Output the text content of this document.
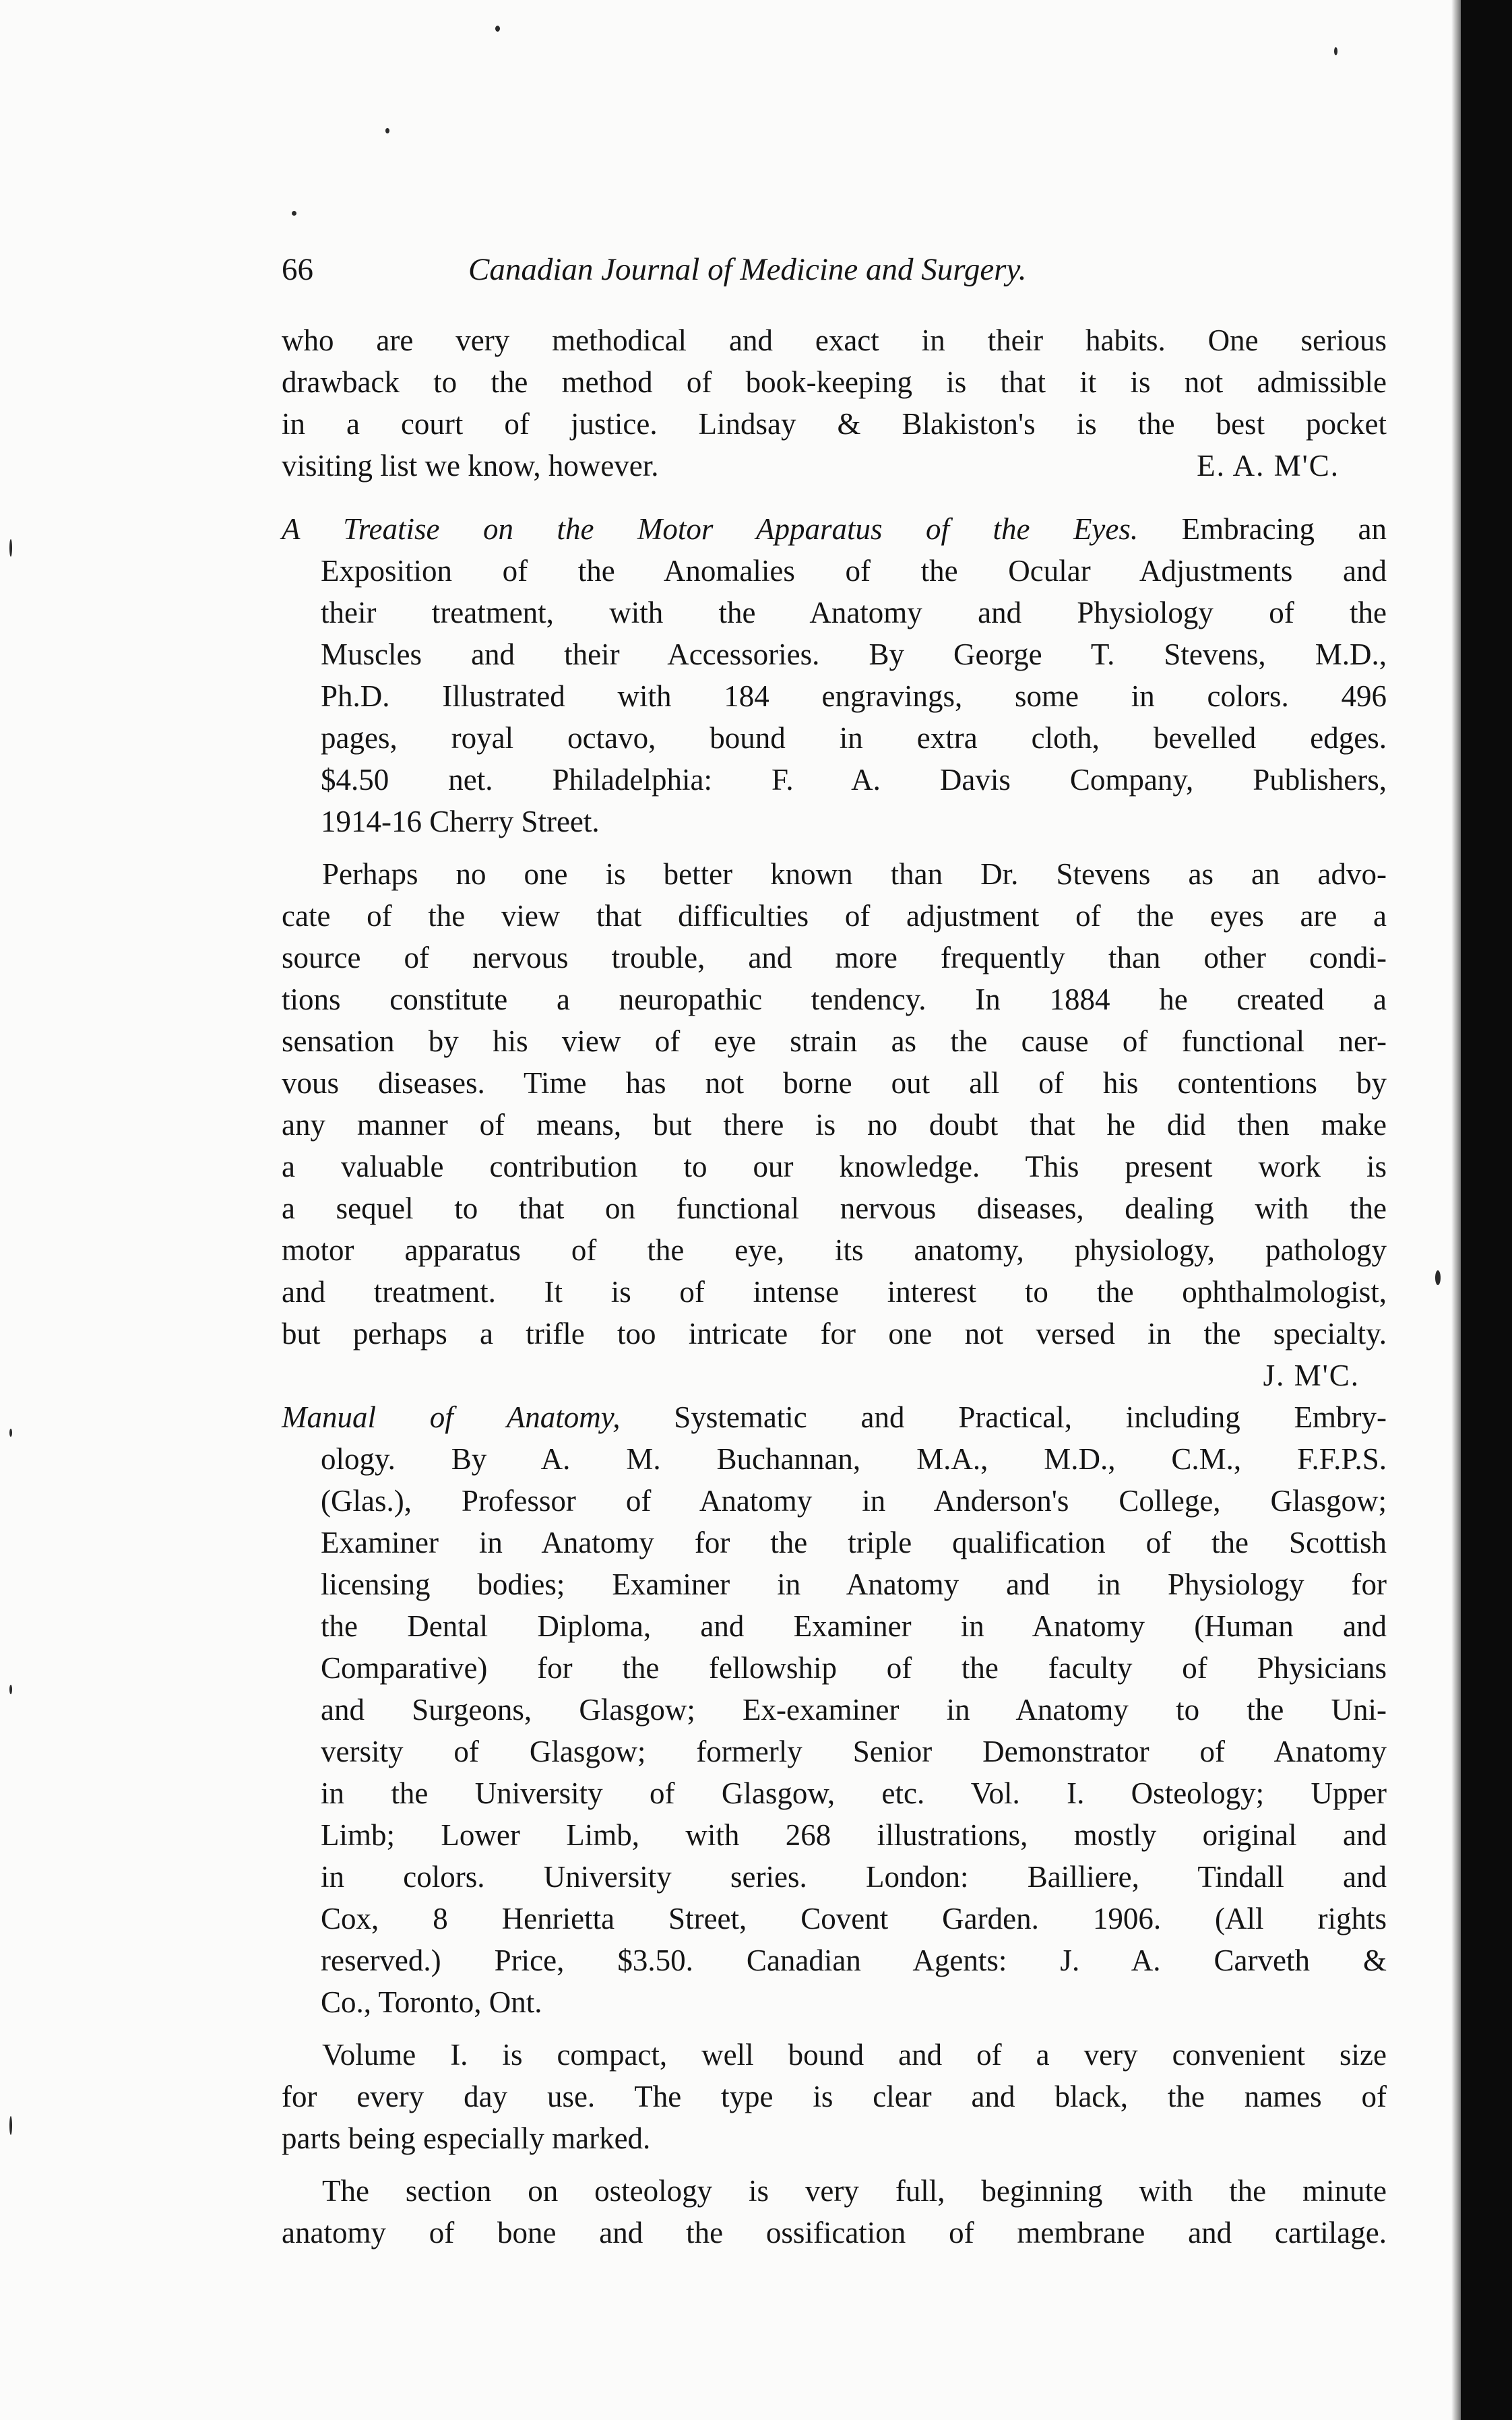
66	Canadian Journal of Medicine and Surgery.
who are very methodical and exact in their habits. One serious
drawback to the method of book-keeping is that it is not admissible
in a court of justice. Lindsay & Blakiston's is the best pocket
visiting list we know, however.	E. A. M'C.
A Treatise on the Motor Apparatus of the Eyes. Embracing an
Exposition of the Anomalies of the Ocular Adjustments and
their treatment, with the Anatomy and Physiology of the
Muscles and their Accessories. By George T. Stevens, M.D.,
Ph.D. Illustrated with 184 engravings, some in colors. 496
pages, royal octavo, bound in extra cloth, bevelled edges.
$4.50 net. Philadelphia: F. A. Davis Company, Publishers,
1914-16 Cherry Street.
Perhaps no one is better known than Dr. Stevens as an advo-
cate of the view that difficulties of adjustment of the eyes are a
source of nervous trouble, and more frequently than other condi-
tions constitute a neuropathic tendency. In 1884 he created a
sensation by his view of eye strain as the cause of functional ner-
vous diseases. Time has not borne out all of his contentions by
any manner of means, but there is no doubt that he did then make
a valuable contribution to our knowledge. This present work is
a sequel to that on functional nervous diseases, dealing with the
motor apparatus of the eye, its anatomy, physiology, pathology
and treatment. It is of intense interest to the ophthalmologist,
but perhaps a trifle too intricate for one not versed in the specialty.
J. M'C.
Manual of Anatomy, Systematic and Practical, including Embry-
ology. By A. M. Buchannan, M.A., M.D., C.M., F.F.P.S.
(Glas.), Professor of Anatomy in Anderson's College, Glasgow;
Examiner in Anatomy for the triple qualification of the Scottish
licensing bodies; Examiner in Anatomy and in Physiology for
the Dental Diploma, and Examiner in Anatomy (Human and
Comparative) for the fellowship of the faculty of Physicians
and Surgeons, Glasgow; Ex-examiner in Anatomy to the Uni-
versity of Glasgow; formerly Senior Demonstrator of Anatomy
in the University of Glasgow, etc. Vol. I. Osteology; Upper
Limb; Lower Limb, with 268 illustrations, mostly original and
in colors. University series. London: Bailliere, Tindall and
Cox, 8 Henrietta Street, Covent Garden. 1906. (All rights
reserved.) Price, $3.50. Canadian Agents: J. A. Carveth &
Co., Toronto, Ont.
Volume I. is compact, well bound and of a very convenient size
for every day use. The type is clear and black, the names of
parts being especially marked.
The section on osteology is very full, beginning with the minute
anatomy of bone and the ossification of membrane and cartilage.
